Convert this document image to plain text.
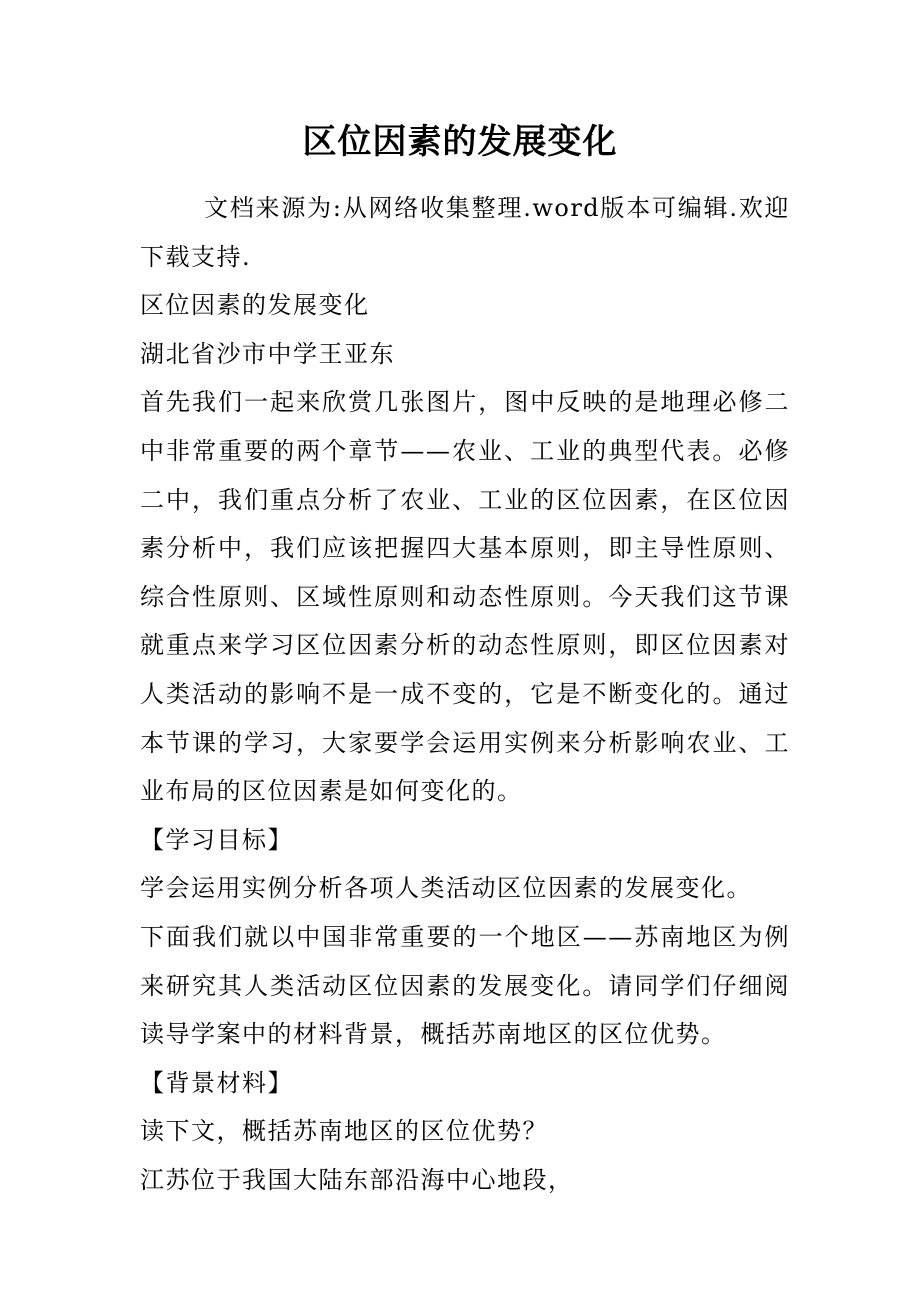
区位因素的发展变化

文档来源为:从网络收集整理.word版本可编辑.欢迎下载支持.

区位因素的发展变化

湖北省沙市中学王亚东

首先我们一起来欣赏几张图片，图中反映的是地理必修二中非常重要的两个章节——农业、工业的典型代表。必修二中，我们重点分析了农业、工业的区位因素，在区位因素分析中，我们应该把握四大基本原则，即主导性原则、综合性原则、区域性原则和动态性原则。今天我们这节课就重点来学习区位因素分析的动态性原则，即区位因素对人类活动的影响不是一成不变的，它是不断变化的。通过本节课的学习，大家要学会运用实例来分析影响农业、工业布局的区位因素是如何变化的。

【学习目标】

学会运用实例分析各项人类活动区位因素的发展变化。

下面我们就以中国非常重要的一个地区——苏南地区为例来研究其人类活动区位因素的发展变化。请同学们仔细阅读导学案中的材料背景，概括苏南地区的区位优势。

【背景材料】

读下文，概括苏南地区的区位优势？

江苏位于我国大陆东部沿海中心地段，
